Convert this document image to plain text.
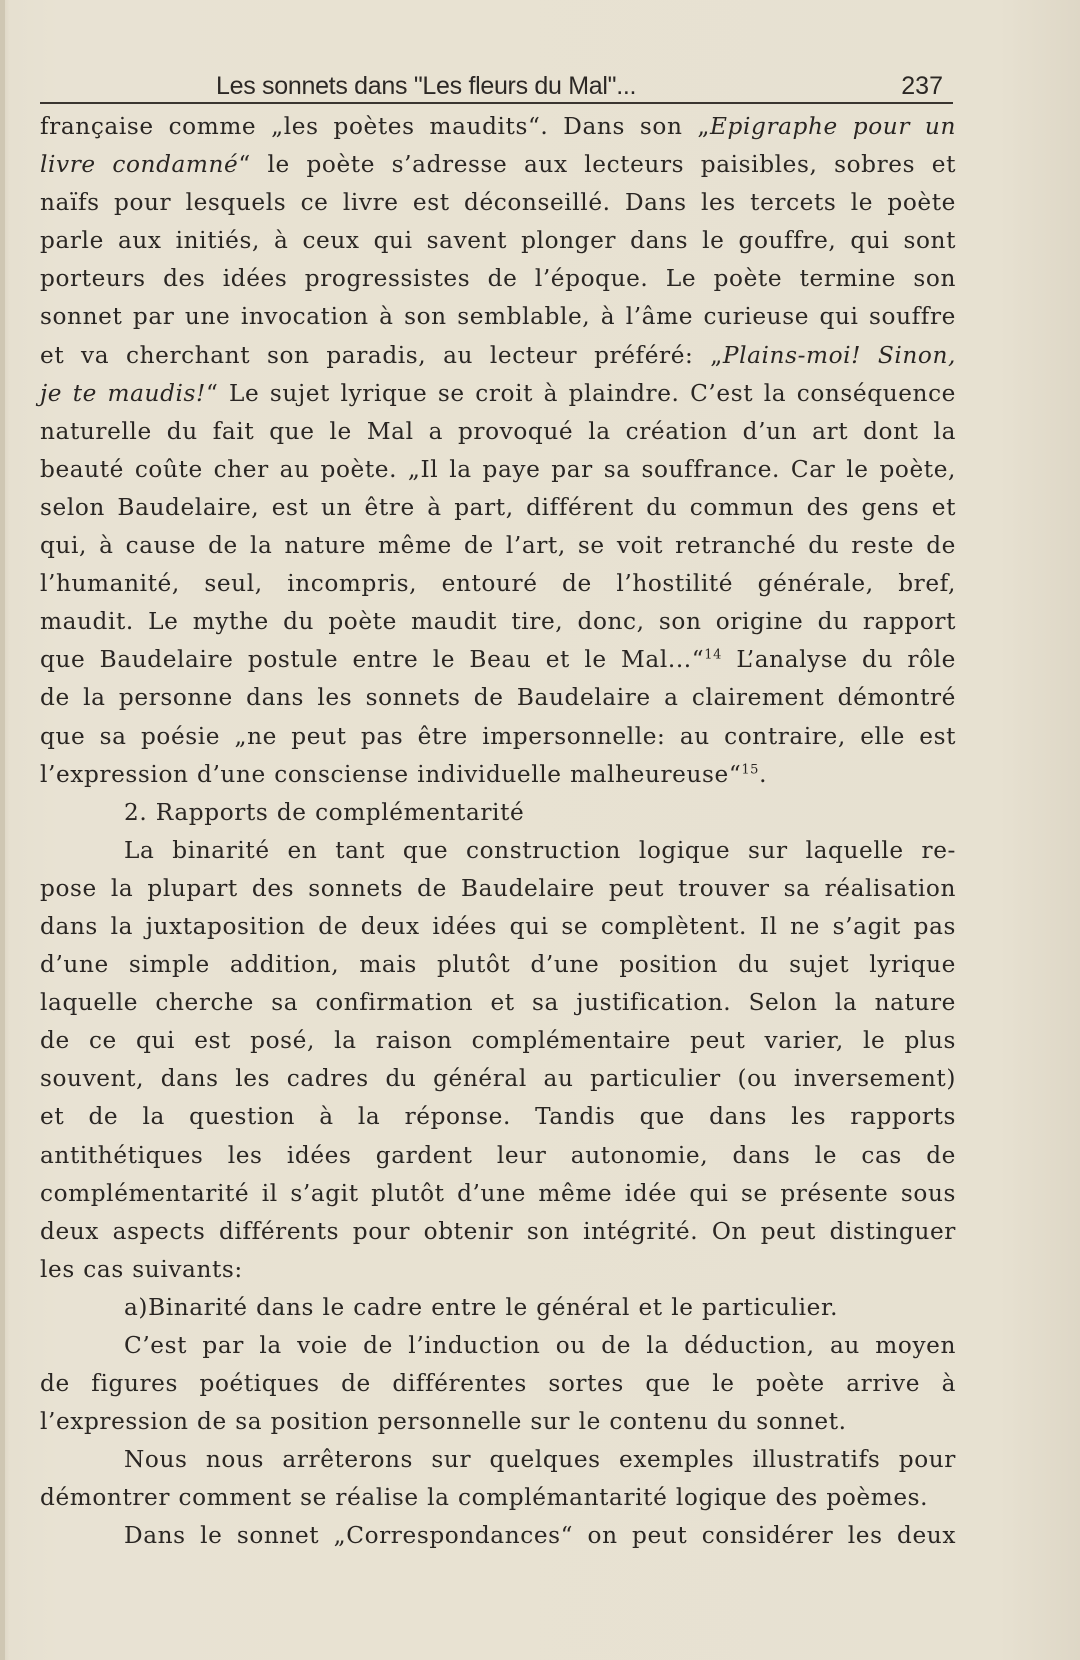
Les sonnets dans "Les fleurs du Mal"...	237
française comme „les poètes maudits“. Dans son „Epigraphe pour un
livre condamné“ le poète s’adresse aux lecteurs paisibles, sobres et
naïfs pour lesquels ce livre est déconseillé. Dans les tercets le poète
parle aux initiés, à ceux qui savent plonger dans le gouffre, qui sont
porteurs des idées progressistes de l’époque. Le poète termine son
sonnet par une invocation à son semblable, à l’âme curieuse qui souffre
et va cherchant son paradis, au lecteur préféré: „Plains-moi! Sinon,
je te maudis!“ Le sujet lyrique se croit à plaindre. C’est la conséquence
naturelle du fait que le Mal a provoqué la création d’un art dont la
beauté coûte cher au poète. „Il la paye par sa souffrance. Car le poète,
selon Baudelaire, est un être à part, différent du commun des gens et
qui, à cause de la nature même de l’art, se voit retranché du reste de
l’humanité, seul, incompris, entouré de l’hostilité générale, bref,
maudit. Le mythe du poète maudit tire, donc, son origine du rapport
que Baudelaire postule entre le Beau et le Mal...“$^{14}$ L’analyse du rôle
de la personne dans les sonnets de Baudelaire a clairement démontré
que sa poésie „ne peut pas être impersonnelle: au contraire, elle est
l’expression d’une consciense individuelle malheureuse“$^{15}$.
2. Rapports de complémentarité
La binarité en tant que construction logique sur laquelle re-
pose la plupart des sonnets de Baudelaire peut trouver sa réalisation
dans la juxtaposition de deux idées qui se complètent. Il ne s’agit pas
d’une simple addition, mais plutôt d’une position du sujet lyrique
laquelle cherche sa confirmation et sa justification. Selon la nature
de ce qui est posé, la raison complémentaire peut varier, le plus
souvent, dans les cadres du général au particulier (ou inversement)
et de la question à la réponse. Tandis que dans les rapports
antithétiques les idées gardent leur autonomie, dans le cas de
complémentarité il s’agit plutôt d’une même idée qui se présente sous
deux aspects différents pour obtenir son intégrité. On peut distinguer
les cas suivants:
a)Binarité dans le cadre entre le général et le particulier.
C’est par la voie de l’induction ou de la déduction, au moyen
de figures poétiques de différentes sortes que le poète arrive à
l’expression de sa position personnelle sur le contenu du sonnet.
Nous nous arrêterons sur quelques exemples illustratifs pour
démontrer comment se réalise la complémantarité logique des poèmes.
Dans le sonnet „Correspondances“ on peut considérer les deux
